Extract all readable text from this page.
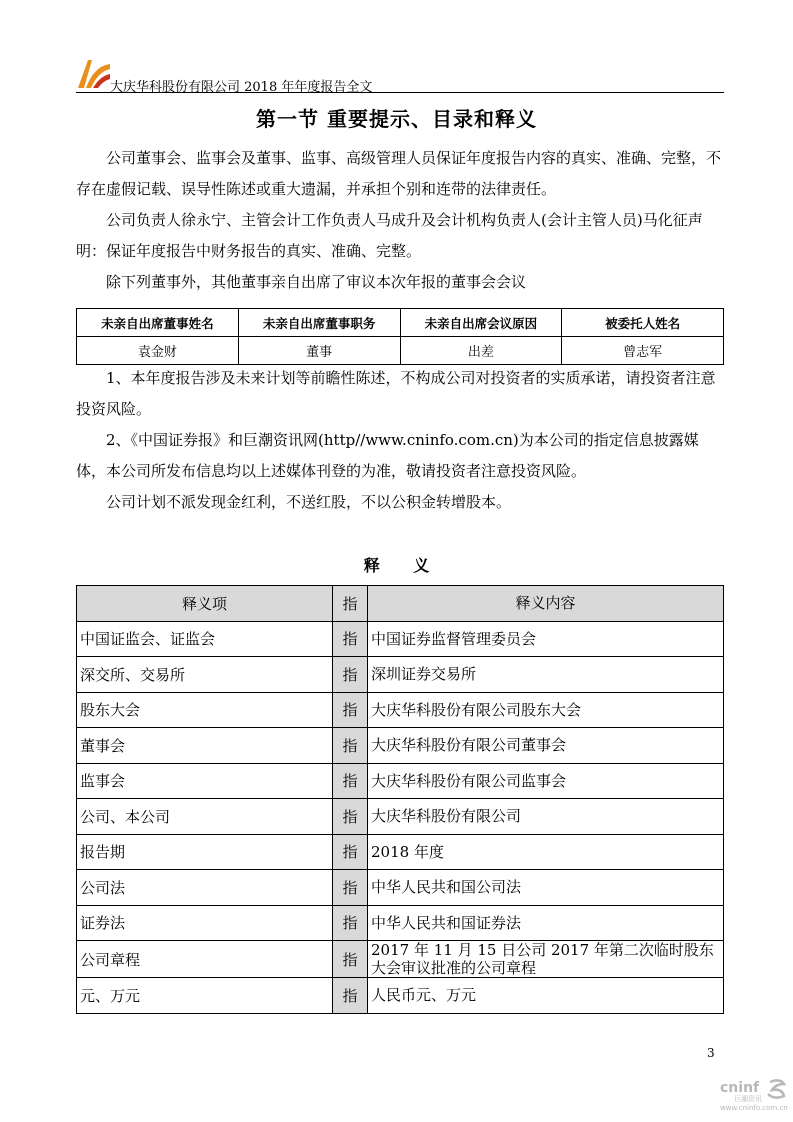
大庆华科股份有限公司 2018 年年度报告全文
第一节 重要提示、目录和释义
公司董事会、监事会及董事、监事、高级管理人员保证年度报告内容的真实、准确、完整，不存在虚假记载、误导性陈述或重大遗漏，并承担个别和连带的法律责任。
公司负责人徐永宁、主管会计工作负责人马成升及会计机构负责人(会计主管人员)马化征声明：保证年度报告中财务报告的真实、准确、完整。
除下列董事外，其他董事亲自出席了审议本次年报的董事会会议
未亲自出席董事姓名	未亲自出席董事职务	未亲自出席会议原因	被委托人姓名
袁金财	董事	出差	曾志军
1、本年度报告涉及未来计划等前瞻性陈述，不构成公司对投资者的实质承诺，请投资者注意投资风险。
2、《中国证券报》和巨潮资讯网(http//www.cninfo.com.cn)为本公司的指定信息披露媒体，本公司所发布信息均以上述媒体刊登的为准，敬请投资者注意投资风险。
公司计划不派发现金红利，不送红股，不以公积金转增股本。
释 义
释义项	指	释义内容
中国证监会、证监会	指	中国证券监督管理委员会
深交所、交易所	指	深圳证券交易所
股东大会	指	大庆华科股份有限公司股东大会
董事会	指	大庆华科股份有限公司董事会
监事会	指	大庆华科股份有限公司监事会
公司、本公司	指	大庆华科股份有限公司
报告期	指	2018 年度
公司法	指	中华人民共和国公司法
证券法	指	中华人民共和国证券法
公司章程	指	2017 年 11 月 15 日公司 2017 年第二次临时股东大会审议批准的公司章程
元、万元	指	人民币元、万元
3
cninf
巨潮资讯
www.cninfo.com.cn
